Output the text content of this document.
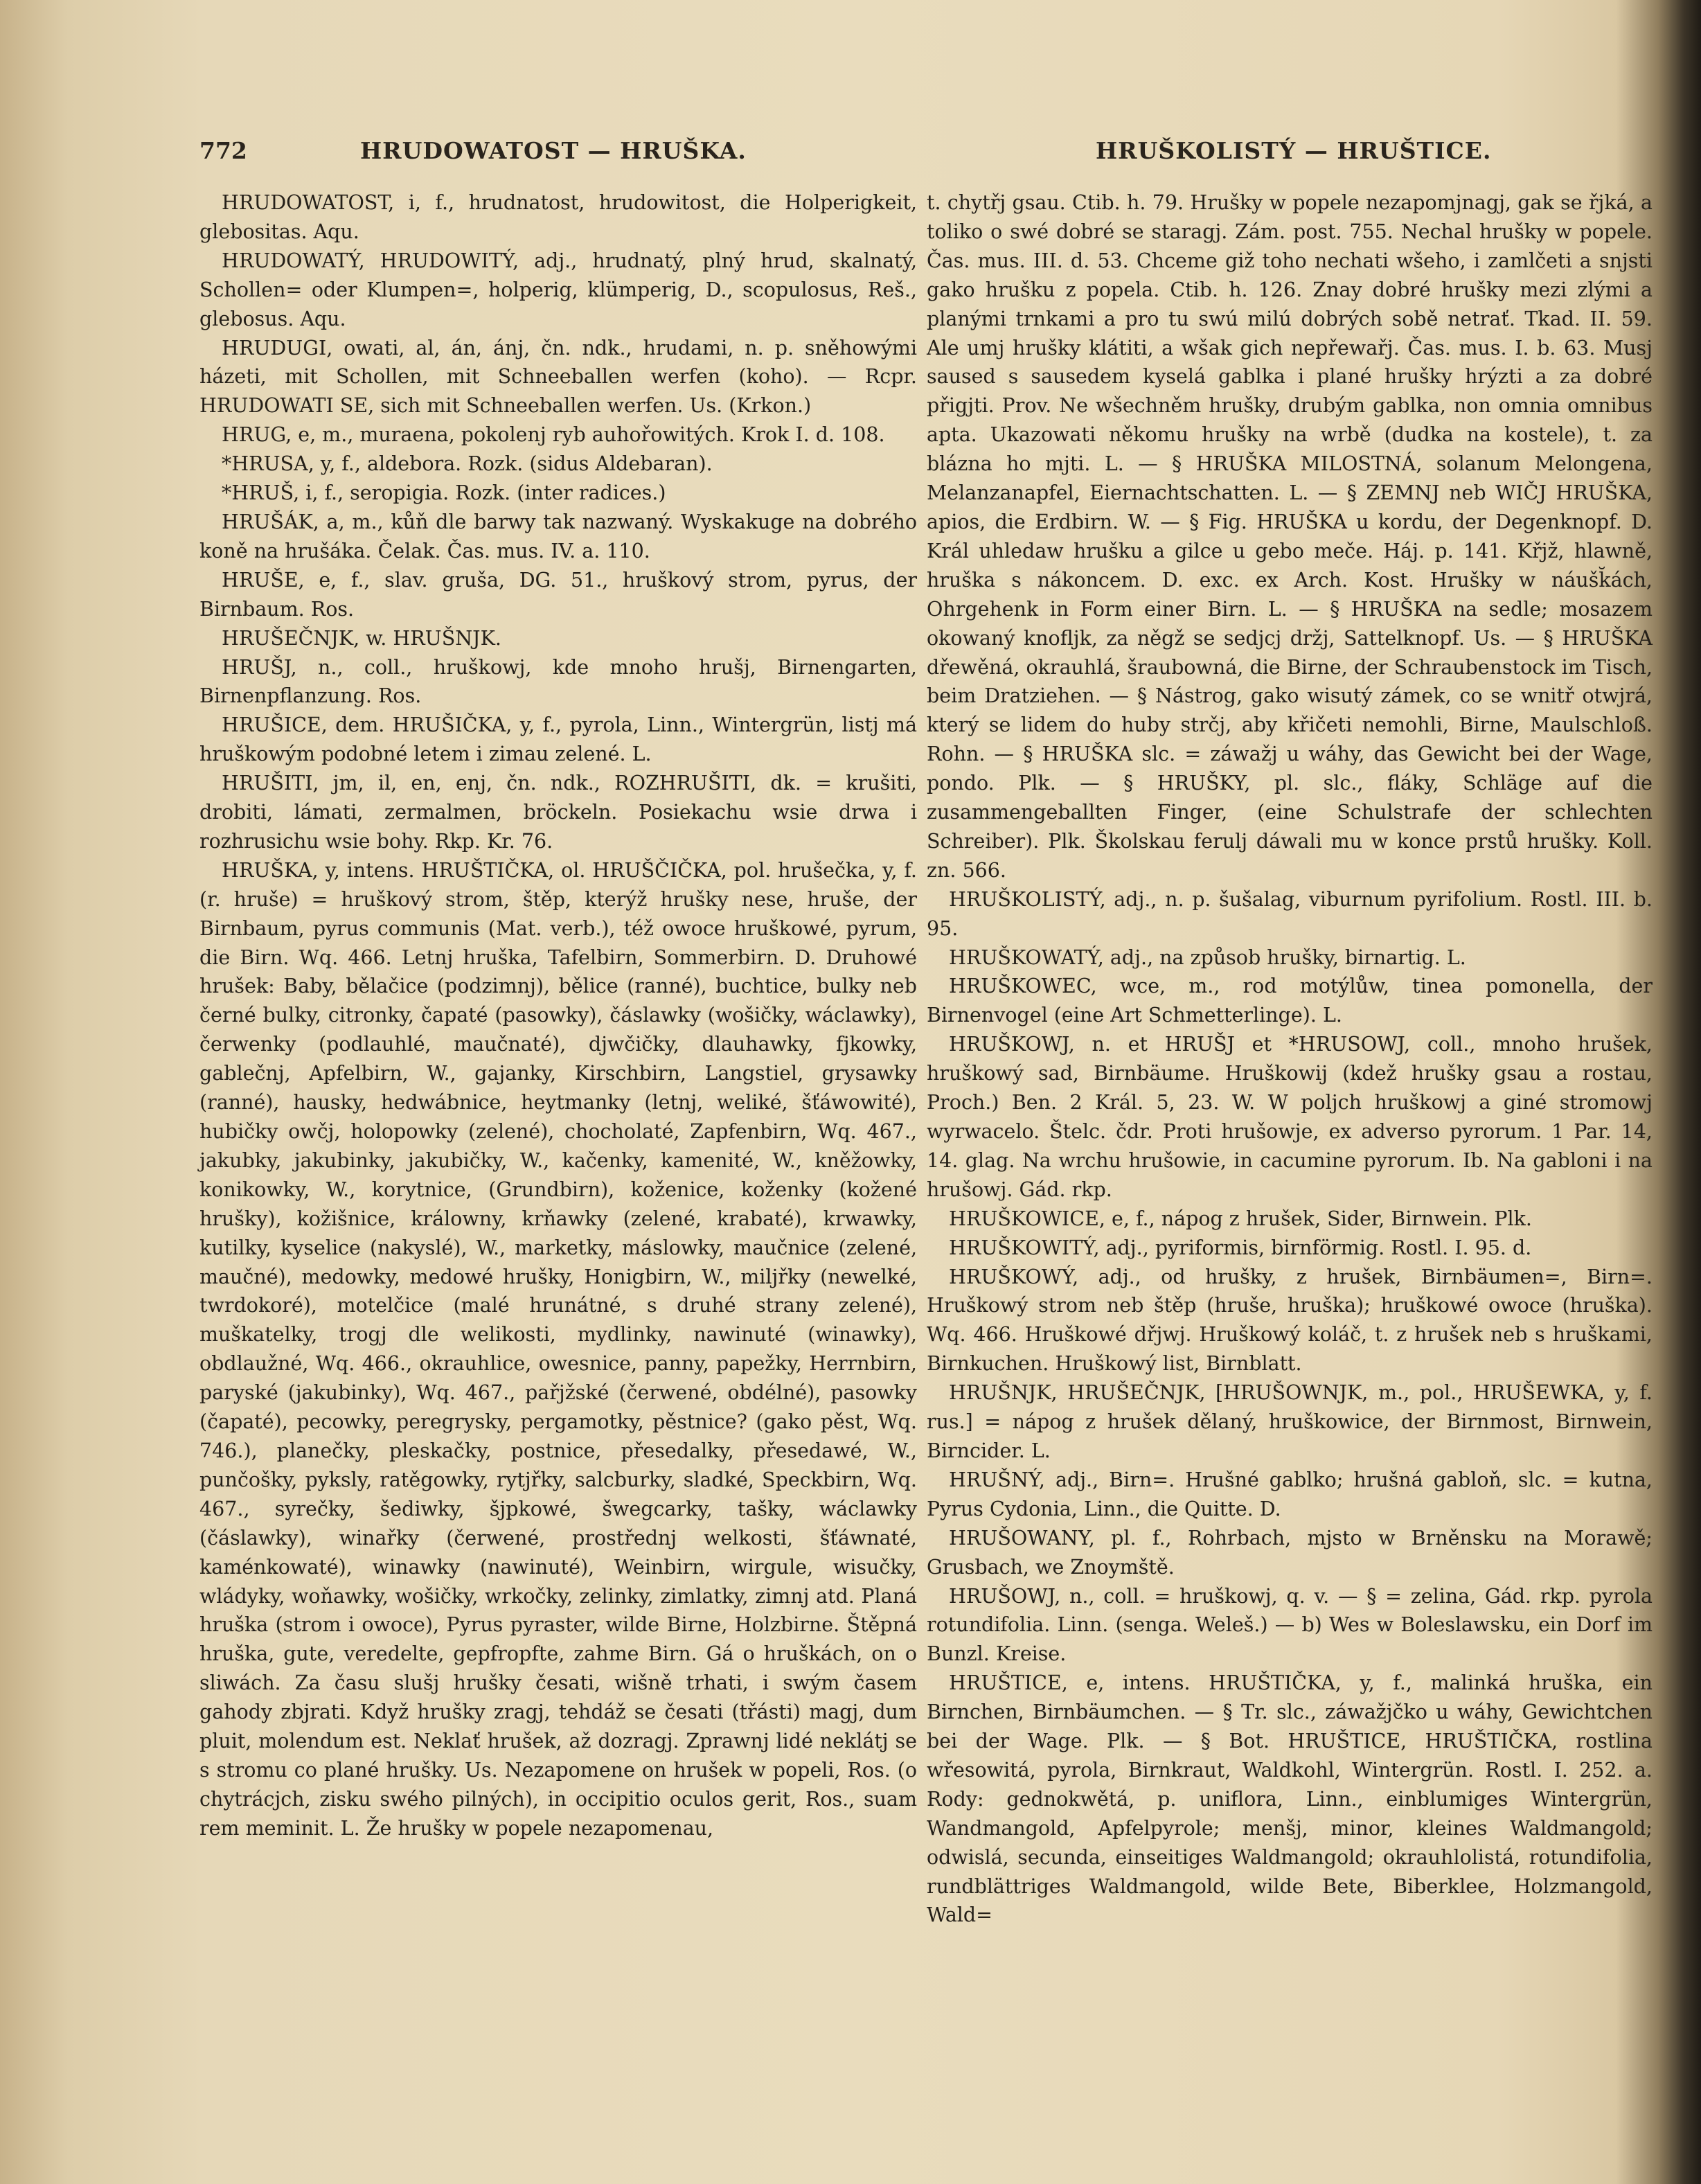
772	HRUDOWATOST — HRUŠKA.	HRUŠKOLISTÝ — HRUŠTICE.

HRUDOWATOST, i, f., hrudnatost, hrudowitost, die Holperigkeit, glebositas. Aqu.

HRUDOWATÝ, HRUDOWITÝ, adj., hrudnatý, plný hrud, skalnatý, Schollen= oder Klumpen=, holperig, klümperig, D., scopulosus, Reš., glebosus. Aqu.

HRUDUGI, owati, al, án, ánj, čn. ndk., hrudami, n. p. sněhowými házeti, mit Schollen, mit Schneeballen werfen (koho). — Rcpr. HRUDOWATI SE, sich mit Schneeballen werfen. Us. (Krkon.)

HRUG, e, m., muraena, pokolenj ryb auhořowitých. Krok I. d. 108.

*HRUSA, y, f., aldebora. Rozk. (sidus Aldebaran).

*HRUŠ, i, f., seropigia. Rozk. (inter radices.)

HRUŠÁK, a, m., kůň dle barwy tak nazwaný. Wyskakuge na dobrého koně na hrušáka. Čelak. Čas. mus. IV. a. 110.

HRUŠE, e, f., slav. gruša, DG. 51., hruškový strom, pyrus, der Birnbaum. Ros.

HRUŠEČNJK, w. HRUŠNJK.

HRUŠJ, n., coll., hruškowj, kde mnoho hrušj, Birnengarten, Birnenpflanzung. Ros.

HRUŠICE, dem. HRUŠIČKA, y, f., pyrola, Linn., Wintergrün, listj má hruškowým podobné letem i zimau zelené. L.

HRUŠITI, jm, il, en, enj, čn. ndk., ROZHRUŠITI, dk. = krušiti, drobiti, lámati, zermalmen, bröckeln. Posiekachu wsie drwa i rozhrusichu wsie bohy. Rkp. Kr. 76.

HRUŠKA, y, intens. HRUŠTIČKA, ol. HRUŠČIČKA, pol. hrušečka, y, f. (r. hruše) = hruškový strom, štěp, kterýž hrušky nese, hruše, der Birnbaum, pyrus communis (Mat. verb.), též owoce hruškowé, pyrum, die Birn. Wq. 466. Letnj hruška, Tafelbirn, Sommerbirn. D. Druhowé hrušek: Baby, bělačice (podzimnj), bělice (ranné), buchtice, bulky neb černé bulky, citronky, čapaté (pasowky), čáslawky (wošičky, wáclawky), čerwenky (podlauhlé, maučnaté), djwčičky, dlauhawky, fjkowky, gablečnj, Apfelbirn, W., gajanky, Kirschbirn, Langstiel, grysawky (ranné), hausky, hedwábnice, heytmanky (letnj, weliké, šťáwowité), hubičky owčj, holopowky (zelené), chocholaté, Zapfenbirn, Wq. 467., jakubky, jakubinky, jakubičky, W., kačenky, kamenité, W., kněžowky, konikowky, W., korytnice, (Grundbirn), koženice, koženky (kožené hrušky), kožišnice, králowny, krňawky (zelené, krabaté), krwawky, kutilky, kyselice (nakyslé), W., marketky, máslowky, maučnice (zelené, maučné), medowky, medowé hrušky, Honigbirn, W., miljřky (newelké, twrdokoré), motelčice (malé hrunátné, s druhé strany zelené), muškatelky, trogj dle welikosti, mydlinky, nawinuté (winawky), obdlaužné, Wq. 466., okrauhlice, owesnice, panny, papežky, Herrnbirn, paryské (jakubinky), Wq. 467., pařjžské (čerwené, obdélné), pasowky (čapaté), pecowky, peregrysky, pergamotky, pěstnice? (gako pěst, Wq. 746.), planečky, pleskačky, postnice, přesedalky, přesedawé, W., punčošky, pyksly, ratěgowky, rytjřky, salcburky, sladké, Speckbirn, Wq. 467., syrečky, šediwky, šjpkowé, šwegcarky, tašky, wáclawky (čáslawky), winařky (čerwené, prostřednj welkosti, šťáwnaté, kaménkowaté), winawky (nawinuté), Weinbirn, wirgule, wisučky, wládyky, woňawky, wošičky, wrkočky, zelinky, zimlatky, zimnj atd. Planá hruška (strom i owoce), Pyrus pyraster, wilde Birne, Holzbirne. Štěpná hruška, gute, veredelte, gepfropfte, zahme Birn. Gá o hruškách, on o sliwách. Za času slušj hrušky česati, wišně trhati, i swým časem gahody zbjrati. Když hrušky zragj, tehdáž se česati (třásti) magj, dum pluit, molendum est. Neklať hrušek, až dozragj. Zprawnj lidé neklátj se s stromu co plané hrušky. Us. Nezapomene on hrušek w popeli, Ros. (o chytrácjch, zisku swého pilných), in occipitio oculos gerit, Ros., suam rem meminit. L. Že hrušky w popele nezapomenau,

t. chytřj gsau. Ctib. h. 79. Hrušky w popele nezapomjnagj, gak se řjká, a toliko o swé dobré se staragj. Zám. post. 755. Nechal hrušky w popele. Čas. mus. III. d. 53. Chceme giž toho nechati wšeho, i zamlčeti a snjsti gako hrušku z popela. Ctib. h. 126. Znay dobré hrušky mezi zlými a planými trnkami a pro tu swú milú dobrých sobě netrať. Tkad. II. 59. Ale umj hrušky klátiti, a wšak gich nepřewařj. Čas. mus. I. b. 63. Musj saused s sausedem kyselá gablka i plané hrušky hrýzti a za dobré přigjti. Prov. Ne wšechněm hrušky, drubým gablka, non omnia omnibus apta. Ukazowati někomu hrušky na wrbě (dudka na kostele), t. za blázna ho mjti. L. — § HRUŠKA MILOSTNÁ, solanum Melongena, Melanzanapfel, Eiernachtschatten. L. — § ZEMNJ neb WIČJ HRUŠKA, apios, die Erdbirn. W. — § Fig. HRUŠKA u kordu, der Degenknopf. D. Král uhledaw hrušku a gilce u gebo meče. Háj. p. 141. Křjž, hlawně, hruška s nákoncem. D. exc. ex Arch. Kost. Hrušky w náušk̆ách, Ohrgehenk in Form einer Birn. L. — § HRUŠKA na sedle; mosazem okowaný knoflјk, za něgž se sedjcj držj, Sattelknopf. Us. — § HRUŠKA dřewěná, okrauhlá, šraubowná, die Birne, der Schraubenstock im Tisch, beim Dratziehen. — § Nástrog, gako wisutý zámek, co se wnitř otwjrá, který se lidem do huby strčj, aby křičeti nemohli, Birne, Maulschloß. Rohn. — § HRUŠKA slc. = záwažj u wáhy, das Gewicht bei der Wage, pondo. Plk. — § HRUŠKY, pl. slc., fláky, Schläge auf die zusammengeballten Finger, (eine Schulstrafe der schlechten Schreiber). Plk. Školskau ferulj dáwali mu w konce prstů hrušky. Koll. zn. 566.

HRUŠKOLISTÝ, adj., n. p. šušalag, viburnum pyrifolium. Rostl. III. b. 95.

HRUŠKOWATÝ, adj., na způsob hrušky, birnartig. L.

HRUŠKOWEC, wce, m., rod motýlůw, tinea pomonella, der Birnenvogel (eine Art Schmetterlinge). L.

HRUŠKOWJ, n. et HRUŠJ et *HRUSOWJ, coll., mnoho hrušek, hruškowý sad, Birnbäume. Hruškowij (kdež hrušky gsau a rostau, Proch.) Ben. 2 Král. 5, 23. W. W poljch hruškowj a giné stromowj wyrwacelo. Štelc. čdr. Proti hrušowje, ex adverso pyrorum. 1 Par. 14, 14. glag. Na wrchu hrušowie, in cacumine pyrorum. Ib. Na gabloni i na hrušowj. Gád. rkp.

HRUŠKOWICE, e, f., nápog z hrušek, Sider, Birnwein. Plk.

HRUŠKOWITÝ, adj., pyriformis, birnförmig. Rostl. I. 95. d.

HRUŠKOWÝ, adj., od hrušky, z hrušek, Birnbäumen=, Birn=. Hruškowý strom neb štěp (hruše, hruška); hruškowé owoce (hruška). Wq. 466. Hruškowé dřjwj. Hruškowý koláč, t. z hrušek neb s hruškami, Birnkuchen. Hruškowý list, Birnblatt.

HRUŠNJK, HRUŠEČNJK, [HRUŠOWNJK, m., pol., HRUŠEWKA, y, f. rus.] = nápog z hrušek dělaný, hruškowice, der Birnmost, Birnwein, Birncider. L.

HRUŠNÝ, adj., Birn=. Hrušné gablko; hrušná gabloň, slc. = kutna, Pyrus Cydonia, Linn., die Quitte. D.

HRUŠOWANY, pl. f., Rohrbach, mjsto w Brněnsku na Morawě; Grusbach, we Znoymště.

HRUŠOWJ, n., coll. = hruškowj, q. v. — § = zelina, Gád. rkp. pyrola rotundifolia. Linn. (senga. Weleš.) — b) Wes w Boleslawsku, ein Dorf im Bunzl. Kreise.

HRUŠTICE, e, intens. HRUŠTIČKA, y, f., malinká hruška, ein Birnchen, Birnbäumchen. — § Tr. slc., záwažjčko u wáhy, Gewichtchen bei der Wage. Plk. — § Bot. HRUŠTICE, HRUŠTIČKA, rostlina wřesowitá, pyrola, Birnkraut, Waldkohl, Wintergrün. Rostl. I. 252. a. Rody: gednokwětá, p. uniflora, Linn., einblumiges Wintergrün, Wandmangold, Apfelpyrole; menšj, minor, kleines Waldmangold; odwislá, secunda, einseitiges Waldmangold; okrauhlolistá, rotundifolia, rundblättriges Waldmangold, wilde Bete, Biberklee, Holzmangold, Wald=
